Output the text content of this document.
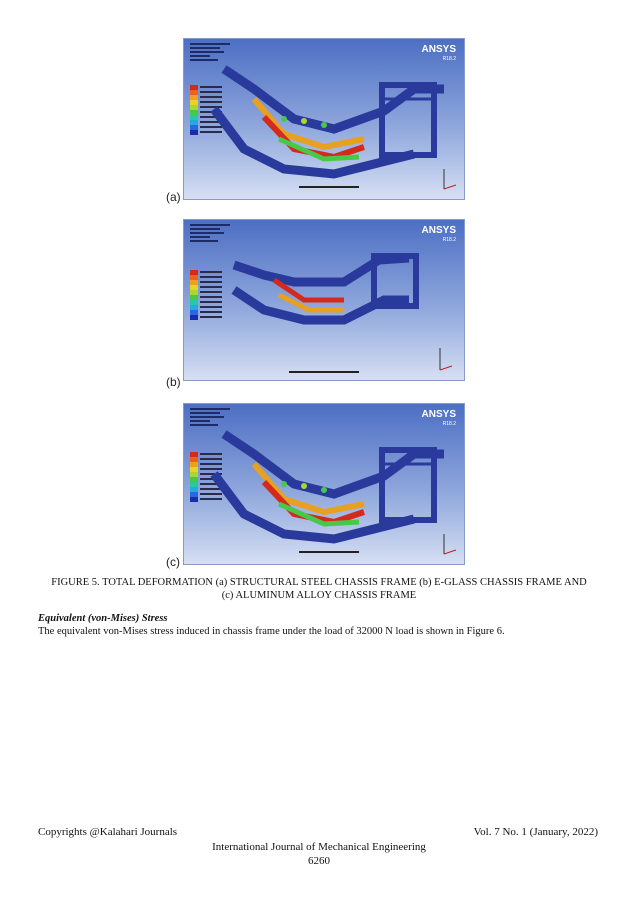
ANSYS
R18.2
(a)
ANSYS
R18.2
(b)
ANSYS
R18.2
(c)
FIGURE 5. TOTAL DEFORMATION (a) STRUCTURAL STEEL CHASSIS FRAME (b) E-GLASS CHASSIS FRAME AND
(c) ALUMINUM ALLOY CHASSIS FRAME
Equivalent (von-Mises) Stress
The equivalent von-Mises stress induced in chassis frame under the load of 32000 N load is shown in Figure 6.
Copyrights @Kalahari Journals	Vol. 7 No. 1 (January, 2022)
International Journal of Mechanical Engineering
6260
